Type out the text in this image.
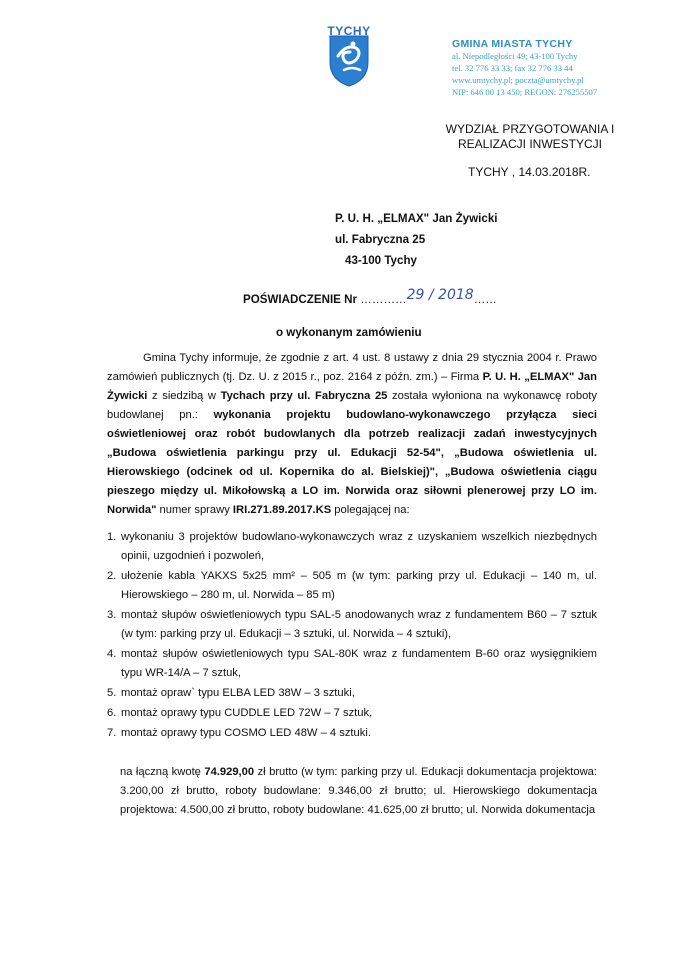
TYCHY
GMINA MIASTA TYCHY
al. Niepodległości 49; 43-100 Tychy
tel. 32 776 33 33; fax 32 776 33 44
www.umtychy.pl; poczta@umtychy.pl
NIP: 646 00 13 450; REGON: 276255507
WYDZIAŁ PRZYGOTOWANIA I
REALIZACJI INWESTYCJI
TYCHY , 14.03.2018R.
P. U. H. „ELMAX" Jan Żywicki
ul. Fabryczna 25
43-100 Tychy
POŚWIADCZENIE Nr …………29 / 2018……
o wykonanym zamówieniu

Gmina Tychy informuje, że zgodnie z art. 4 ust. 8 ustawy z dnia 29 stycznia 2004 r. Prawo zamówień publicznych (tj. Dz. U. z 2015 r., poz. 2164 z późn. zm.) – Firma P. U. H. „ELMAX" Jan Żywicki z siedzibą w Tychach przy ul. Fabryczna 25 została wyłoniona na wykonawcę roboty budowlanej pn.: wykonania projektu budowlano-wykonawczego przyłącza sieci oświetleniowej oraz robót budowlanych dla potrzeb realizacji zadań inwestycyjnych „Budowa oświetlenia parkingu przy ul. Edukacji 52-54", „Budowa oświetlenia ul. Hierowskiego (odcinek od ul. Kopernika do al. Bielskiej)", „Budowa oświetlenia ciągu pieszego między ul. Mikołowską a LO im. Norwida oraz siłowni plenerowej przy LO im. Norwida" numer sprawy IRI.271.89.2017.KS polegającej na:

1. wykonaniu 3 projektów budowlano-wykonawczych wraz z uzyskaniem wszelkich niezbędnych opinii, uzgodnień i pozwoleń,
2. ułożenie kabla YAKXS 5x25 mm² – 505 m (w tym: parking przy ul. Edukacji – 140 m, ul. Hierowskiego – 280 m, ul. Norwida – 85 m)
3. montaż słupów oświetleniowych typu SAL-5 anodowanych wraz z fundamentem B60 – 7 sztuk (w tym: parking przy ul. Edukacji – 3 sztuki, ul. Norwida – 4 sztuki),
4. montaż słupów oświetleniowych typu SAL-80K wraz z fundamentem B-60 oraz wysięgnikiem typu WR-14/A – 7 sztuk,
5. montaż opraw` typu ELBA LED 38W – 3 sztuki,
6. montaż oprawy typu CUDDLE LED 72W – 7 sztuk,
7. montaż oprawy typu COSMO LED 48W – 4 sztuki.
na łączną kwotę 74.929,00 zł brutto (w tym: parking przy ul. Edukacji dokumentacja projektowa: 3.200,00 zł brutto, roboty budowlane: 9.346,00 zł brutto; ul. Hierowskiego dokumentacja projektowa: 4.500,00 zł brutto, roboty budowlane: 41.625,00 zł brutto; ul. Norwida dokumentacja
